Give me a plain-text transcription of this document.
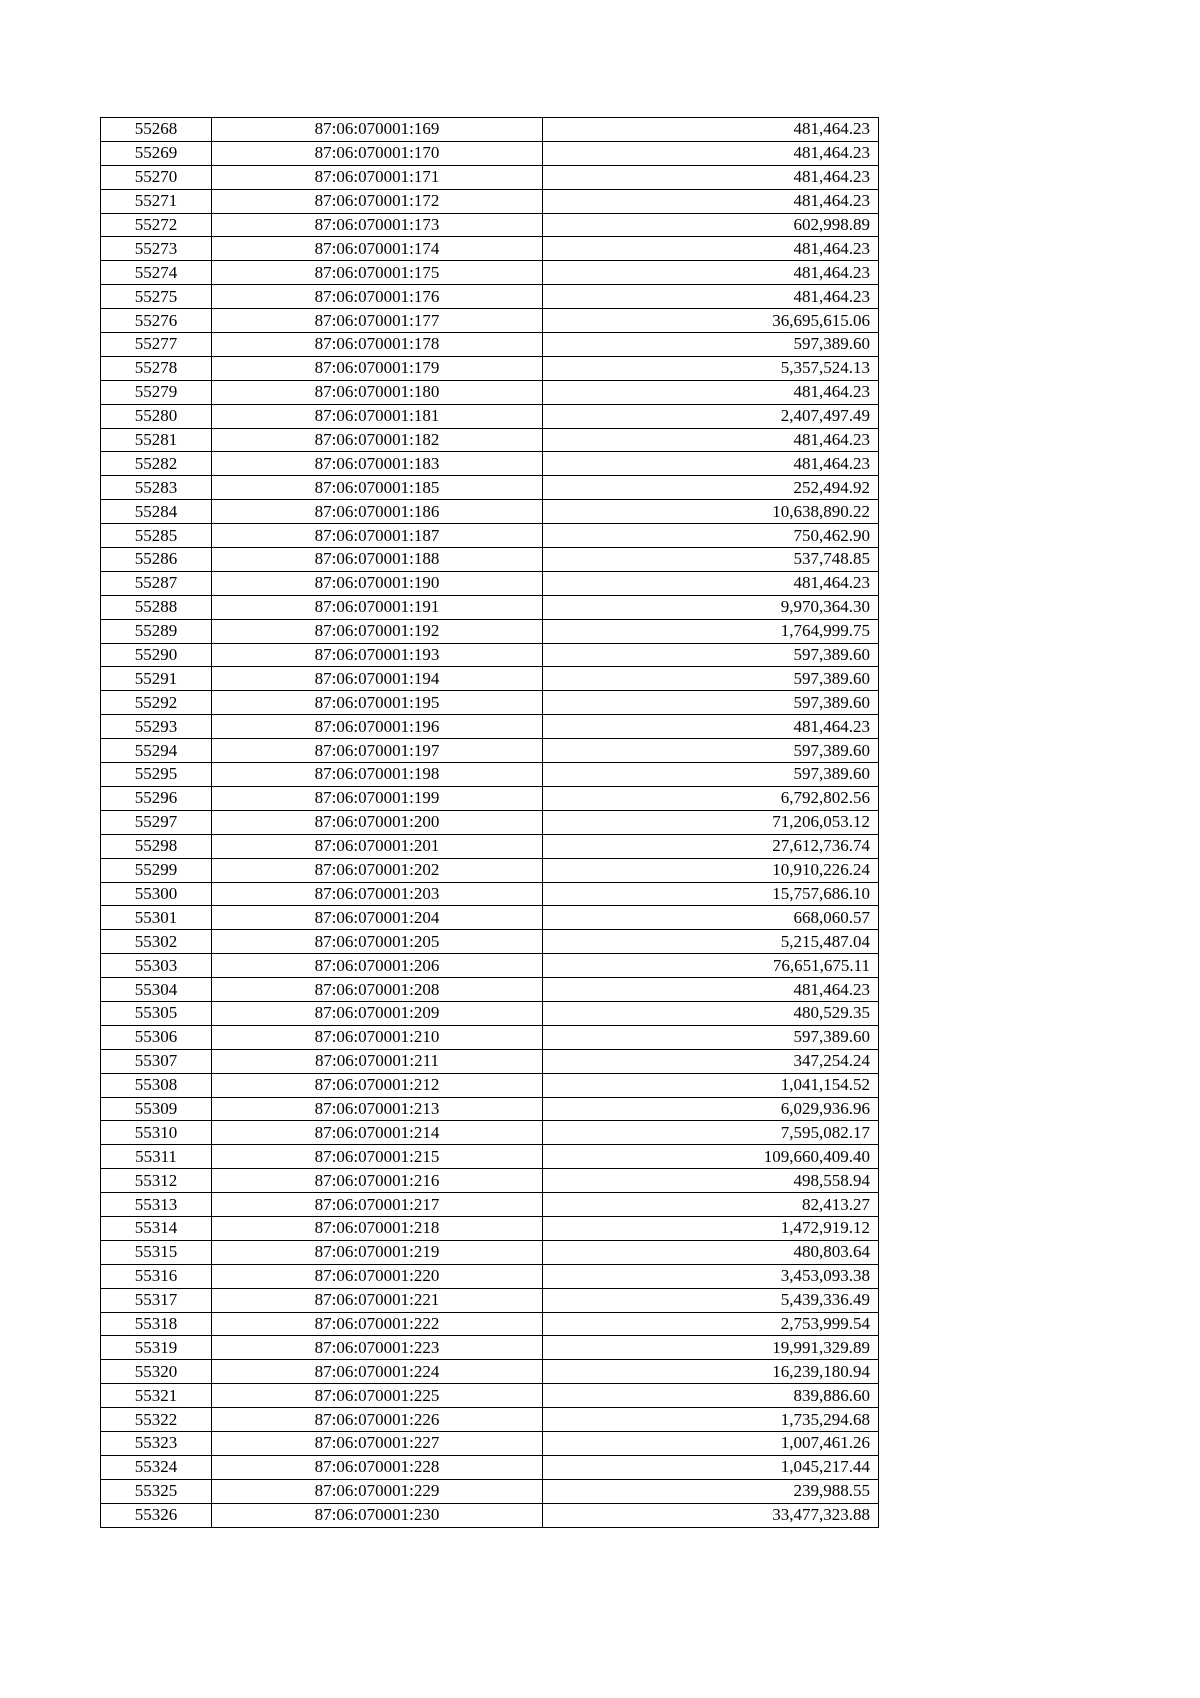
55268	87:06:070001:169	481,464.23
55269	87:06:070001:170	481,464.23
55270	87:06:070001:171	481,464.23
55271	87:06:070001:172	481,464.23
55272	87:06:070001:173	602,998.89
55273	87:06:070001:174	481,464.23
55274	87:06:070001:175	481,464.23
55275	87:06:070001:176	481,464.23
55276	87:06:070001:177	36,695,615.06
55277	87:06:070001:178	597,389.60
55278	87:06:070001:179	5,357,524.13
55279	87:06:070001:180	481,464.23
55280	87:06:070001:181	2,407,497.49
55281	87:06:070001:182	481,464.23
55282	87:06:070001:183	481,464.23
55283	87:06:070001:185	252,494.92
55284	87:06:070001:186	10,638,890.22
55285	87:06:070001:187	750,462.90
55286	87:06:070001:188	537,748.85
55287	87:06:070001:190	481,464.23
55288	87:06:070001:191	9,970,364.30
55289	87:06:070001:192	1,764,999.75
55290	87:06:070001:193	597,389.60
55291	87:06:070001:194	597,389.60
55292	87:06:070001:195	597,389.60
55293	87:06:070001:196	481,464.23
55294	87:06:070001:197	597,389.60
55295	87:06:070001:198	597,389.60
55296	87:06:070001:199	6,792,802.56
55297	87:06:070001:200	71,206,053.12
55298	87:06:070001:201	27,612,736.74
55299	87:06:070001:202	10,910,226.24
55300	87:06:070001:203	15,757,686.10
55301	87:06:070001:204	668,060.57
55302	87:06:070001:205	5,215,487.04
55303	87:06:070001:206	76,651,675.11
55304	87:06:070001:208	481,464.23
55305	87:06:070001:209	480,529.35
55306	87:06:070001:210	597,389.60
55307	87:06:070001:211	347,254.24
55308	87:06:070001:212	1,041,154.52
55309	87:06:070001:213	6,029,936.96
55310	87:06:070001:214	7,595,082.17
55311	87:06:070001:215	109,660,409.40
55312	87:06:070001:216	498,558.94
55313	87:06:070001:217	82,413.27
55314	87:06:070001:218	1,472,919.12
55315	87:06:070001:219	480,803.64
55316	87:06:070001:220	3,453,093.38
55317	87:06:070001:221	5,439,336.49
55318	87:06:070001:222	2,753,999.54
55319	87:06:070001:223	19,991,329.89
55320	87:06:070001:224	16,239,180.94
55321	87:06:070001:225	839,886.60
55322	87:06:070001:226	1,735,294.68
55323	87:06:070001:227	1,007,461.26
55324	87:06:070001:228	1,045,217.44
55325	87:06:070001:229	239,988.55
55326	87:06:070001:230	33,477,323.88
